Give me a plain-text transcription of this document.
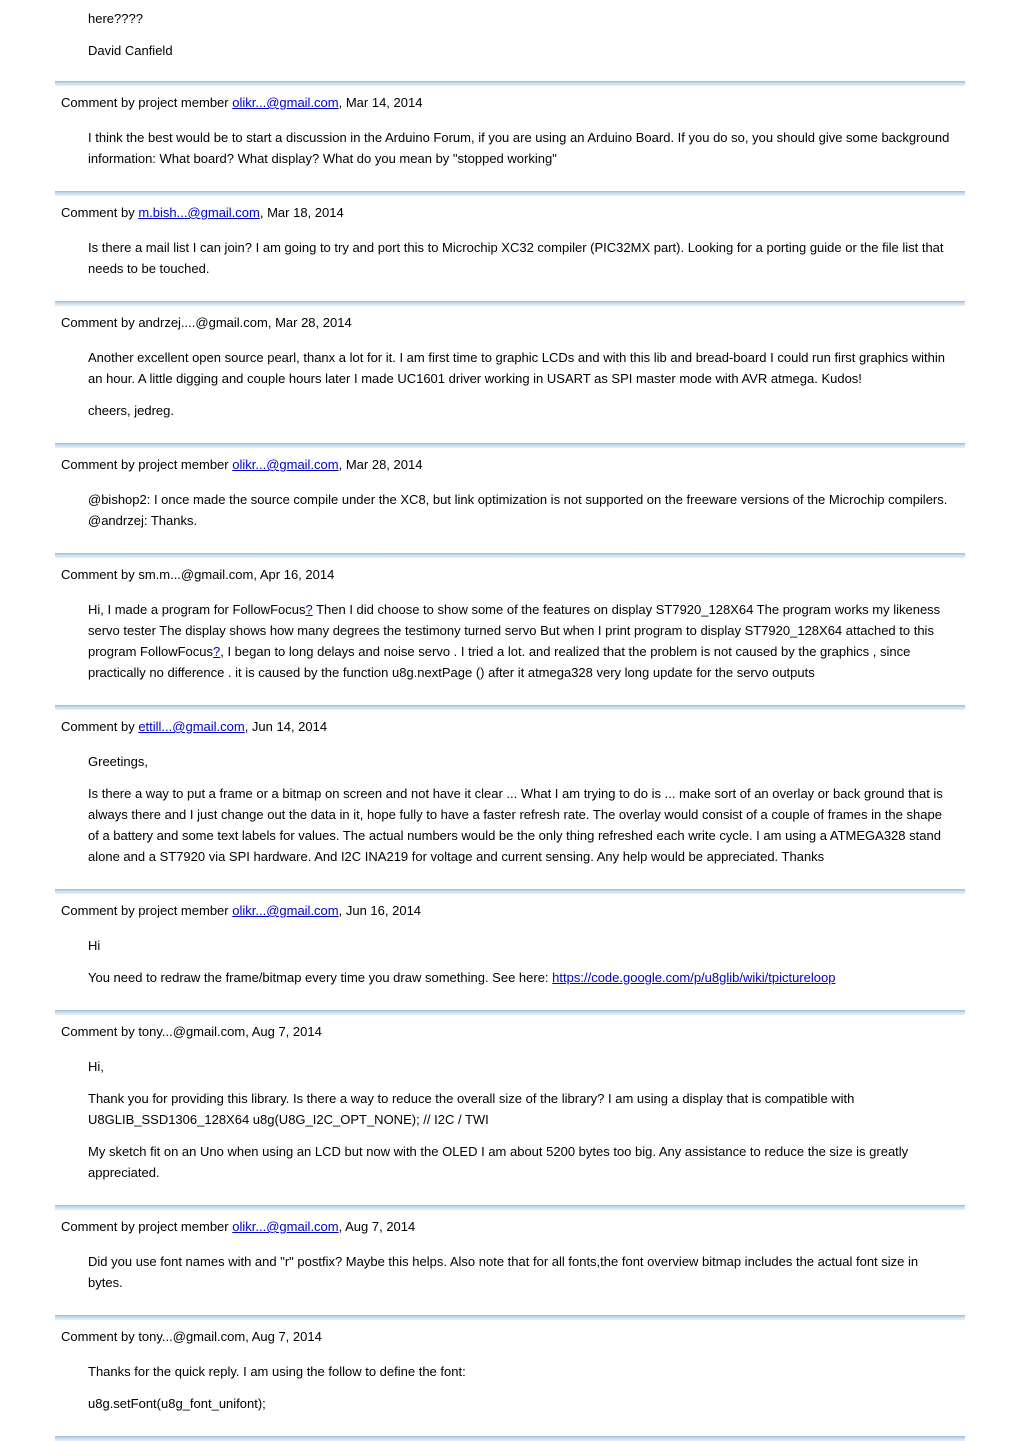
here????

David Canfield

Comment by project member olikr...@gmail.com, Mar 14, 2014

I think the best would be to start a discussion in the Arduino Forum, if you are using an Arduino Board. If you do so, you should give some background information: What board? What display? What do you mean by "stopped working"

Comment by m.bish...@gmail.com, Mar 18, 2014

Is there a mail list I can join? I am going to try and port this to Microchip XC32 compiler (PIC32MX part). Looking for a porting guide or the file list that needs to be touched.

Comment by andrzej....@gmail.com, Mar 28, 2014

Another excellent open source pearl, thanx a lot for it. I am first time to graphic LCDs and with this lib and bread-board I could run first graphics within an hour. A little digging and couple hours later I made UC1601 driver working in USART as SPI master mode with AVR atmega. Kudos!

cheers, jedreg.

Comment by project member olikr...@gmail.com, Mar 28, 2014

@bishop2: I once made the source compile under the XC8, but link optimization is not supported on the freeware versions of the Microchip compilers. @andrzej: Thanks.

Comment by sm.m...@gmail.com, Apr 16, 2014

Hi, I made a program for FollowFocus? Then I did choose to show some of the features on display ST7920_128X64 The program works my likeness servo tester The display shows how many degrees the testimony turned servo But when I print program to display ST7920_128X64 attached to this program FollowFocus?, I began to long delays and noise servo . I tried a lot. and realized that the problem is not caused by the graphics , since practically no difference . it is caused by the function u8g.nextPage () after it atmega328 very long update for the servo outputs

Comment by ettill...@gmail.com, Jun 14, 2014

Greetings,

Is there a way to put a frame or a bitmap on screen and not have it clear ... What I am trying to do is ... make sort of an overlay or back ground that is always there and I just change out the data in it, hope fully to have a faster refresh rate. The overlay would consist of a couple of frames in the shape of a battery and some text labels for values. The actual numbers would be the only thing refreshed each write cycle. I am using a ATMEGA328 stand alone and a ST7920 via SPI hardware. And I2C INA219 for voltage and current sensing. Any help would be appreciated. Thanks

Comment by project member olikr...@gmail.com, Jun 16, 2014

Hi

You need to redraw the frame/bitmap every time you draw something. See here: https://code.google.com/p/u8glib/wiki/tpictureloop

Comment by tony...@gmail.com, Aug 7, 2014

Hi,

Thank you for providing this library. Is there a way to reduce the overall size of the library? I am using a display that is compatible with U8GLIB_SSD1306_128X64 u8g(U8G_I2C_OPT_NONE); // I2C / TWI

My sketch fit on an Uno when using an LCD but now with the OLED I am about 5200 bytes too big. Any assistance to reduce the size is greatly appreciated.

Comment by project member olikr...@gmail.com, Aug 7, 2014

Did you use font names with and "r" postfix? Maybe this helps. Also note that for all fonts,the font overview bitmap includes the actual font size in bytes.

Comment by tony...@gmail.com, Aug 7, 2014

Thanks for the quick reply. I am using the follow to define the font:

u8g.setFont(u8g_font_unifont);
